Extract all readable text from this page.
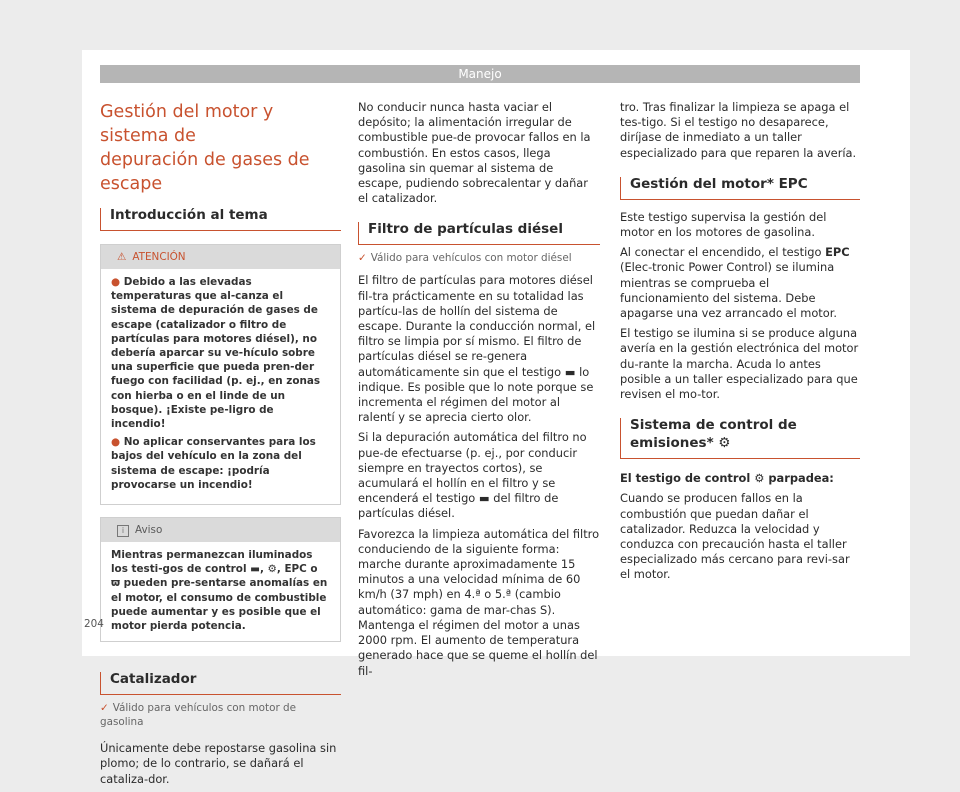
Manejo
Gestión del motor y sistema de
depuración de gases de escape
Introducción al tema
⚠ ATENCIÓN

● Debido a las elevadas temperaturas que al-canza el sistema de depuración de gases de escape (catalizador o filtro de partículas para motores diésel), no debería aparcar su ve-hículo sobre una superficie que pueda pren-der fuego con facilidad (p. ej., en zonas con hierba o en el linde de un bosque). ¡Existe pe-ligro de incendio!

● No aplicar conservantes para los bajos del vehículo en la zona del sistema de escape: ¡podría provocarse un incendio!

i Aviso
Mientras permanezcan iluminados los testi-gos de control ▬, ⚙, EPC o ϖ pueden pre-sentarse anomalías en el motor, el consumo de combustible puede aumentar y es posible que el motor pierda potencia.
Catalizador
✓ Válido para vehículos con motor de gasolina

Únicamente debe repostarse gasolina sin plomo; de lo contrario, se dañará el cataliza-dor.

No conducir nunca hasta vaciar el depósito; la alimentación irregular de combustible pue-de provocar fallos en la combustión. En estos casos, llega gasolina sin quemar al sistema de escape, pudiendo sobrecalentar y dañar el catalizador.

Filtro de partículas diésel
✓ Válido para vehículos con motor diésel

El filtro de partículas para motores diésel fil-tra prácticamente en su totalidad las partícu-las de hollín del sistema de escape. Durante la conducción normal, el filtro se limpia por sí mismo. El filtro de partículas diésel se re-genera automáticamente sin que el testigo ▬ lo indique. Es posible que lo note porque se incrementa el régimen del motor al ralentí y se aprecia cierto olor.

Si la depuración automática del filtro no pue-de efectuarse (p. ej., por conducir siempre en trayectos cortos), se acumulará el hollín en el filtro y se encenderá el testigo ▬ del filtro de partículas diésel.

Favorezca la limpieza automática del filtro conduciendo de la siguiente forma: marche durante aproximadamente 15 minutos a una velocidad mínima de 60 km/h (37 mph) en 4.ª o 5.ª (cambio automático: gama de mar-chas S). Mantenga el régimen del motor a unas 2000 rpm. El aumento de temperatura generado hace que se queme el hollín del fil-

tro. Tras finalizar la limpieza se apaga el tes-tigo. Si el testigo no desaparece, diríjase de inmediato a un taller especializado para que reparen la avería.

Gestión del motor* EPC

Este testigo supervisa la gestión del motor en los motores de gasolina.

Al conectar el encendido, el testigo EPC (Elec-tronic Power Control) se ilumina mientras se comprueba el funcionamiento del sistema. Debe apagarse una vez arrancado el motor.

El testigo se ilumina si se produce alguna avería en la gestión electrónica del motor du-rante la marcha. Acuda lo antes posible a un taller especializado para que revisen el mo-tor.

Sistema de control de emisiones* ⚙

El testigo de control ⚙ parpadea:

Cuando se producen fallos en la combustión que puedan dañar el catalizador. Reduzca la velocidad y conduzca con precaución hasta el taller especializado más cercano para revi-sar el motor.

204
